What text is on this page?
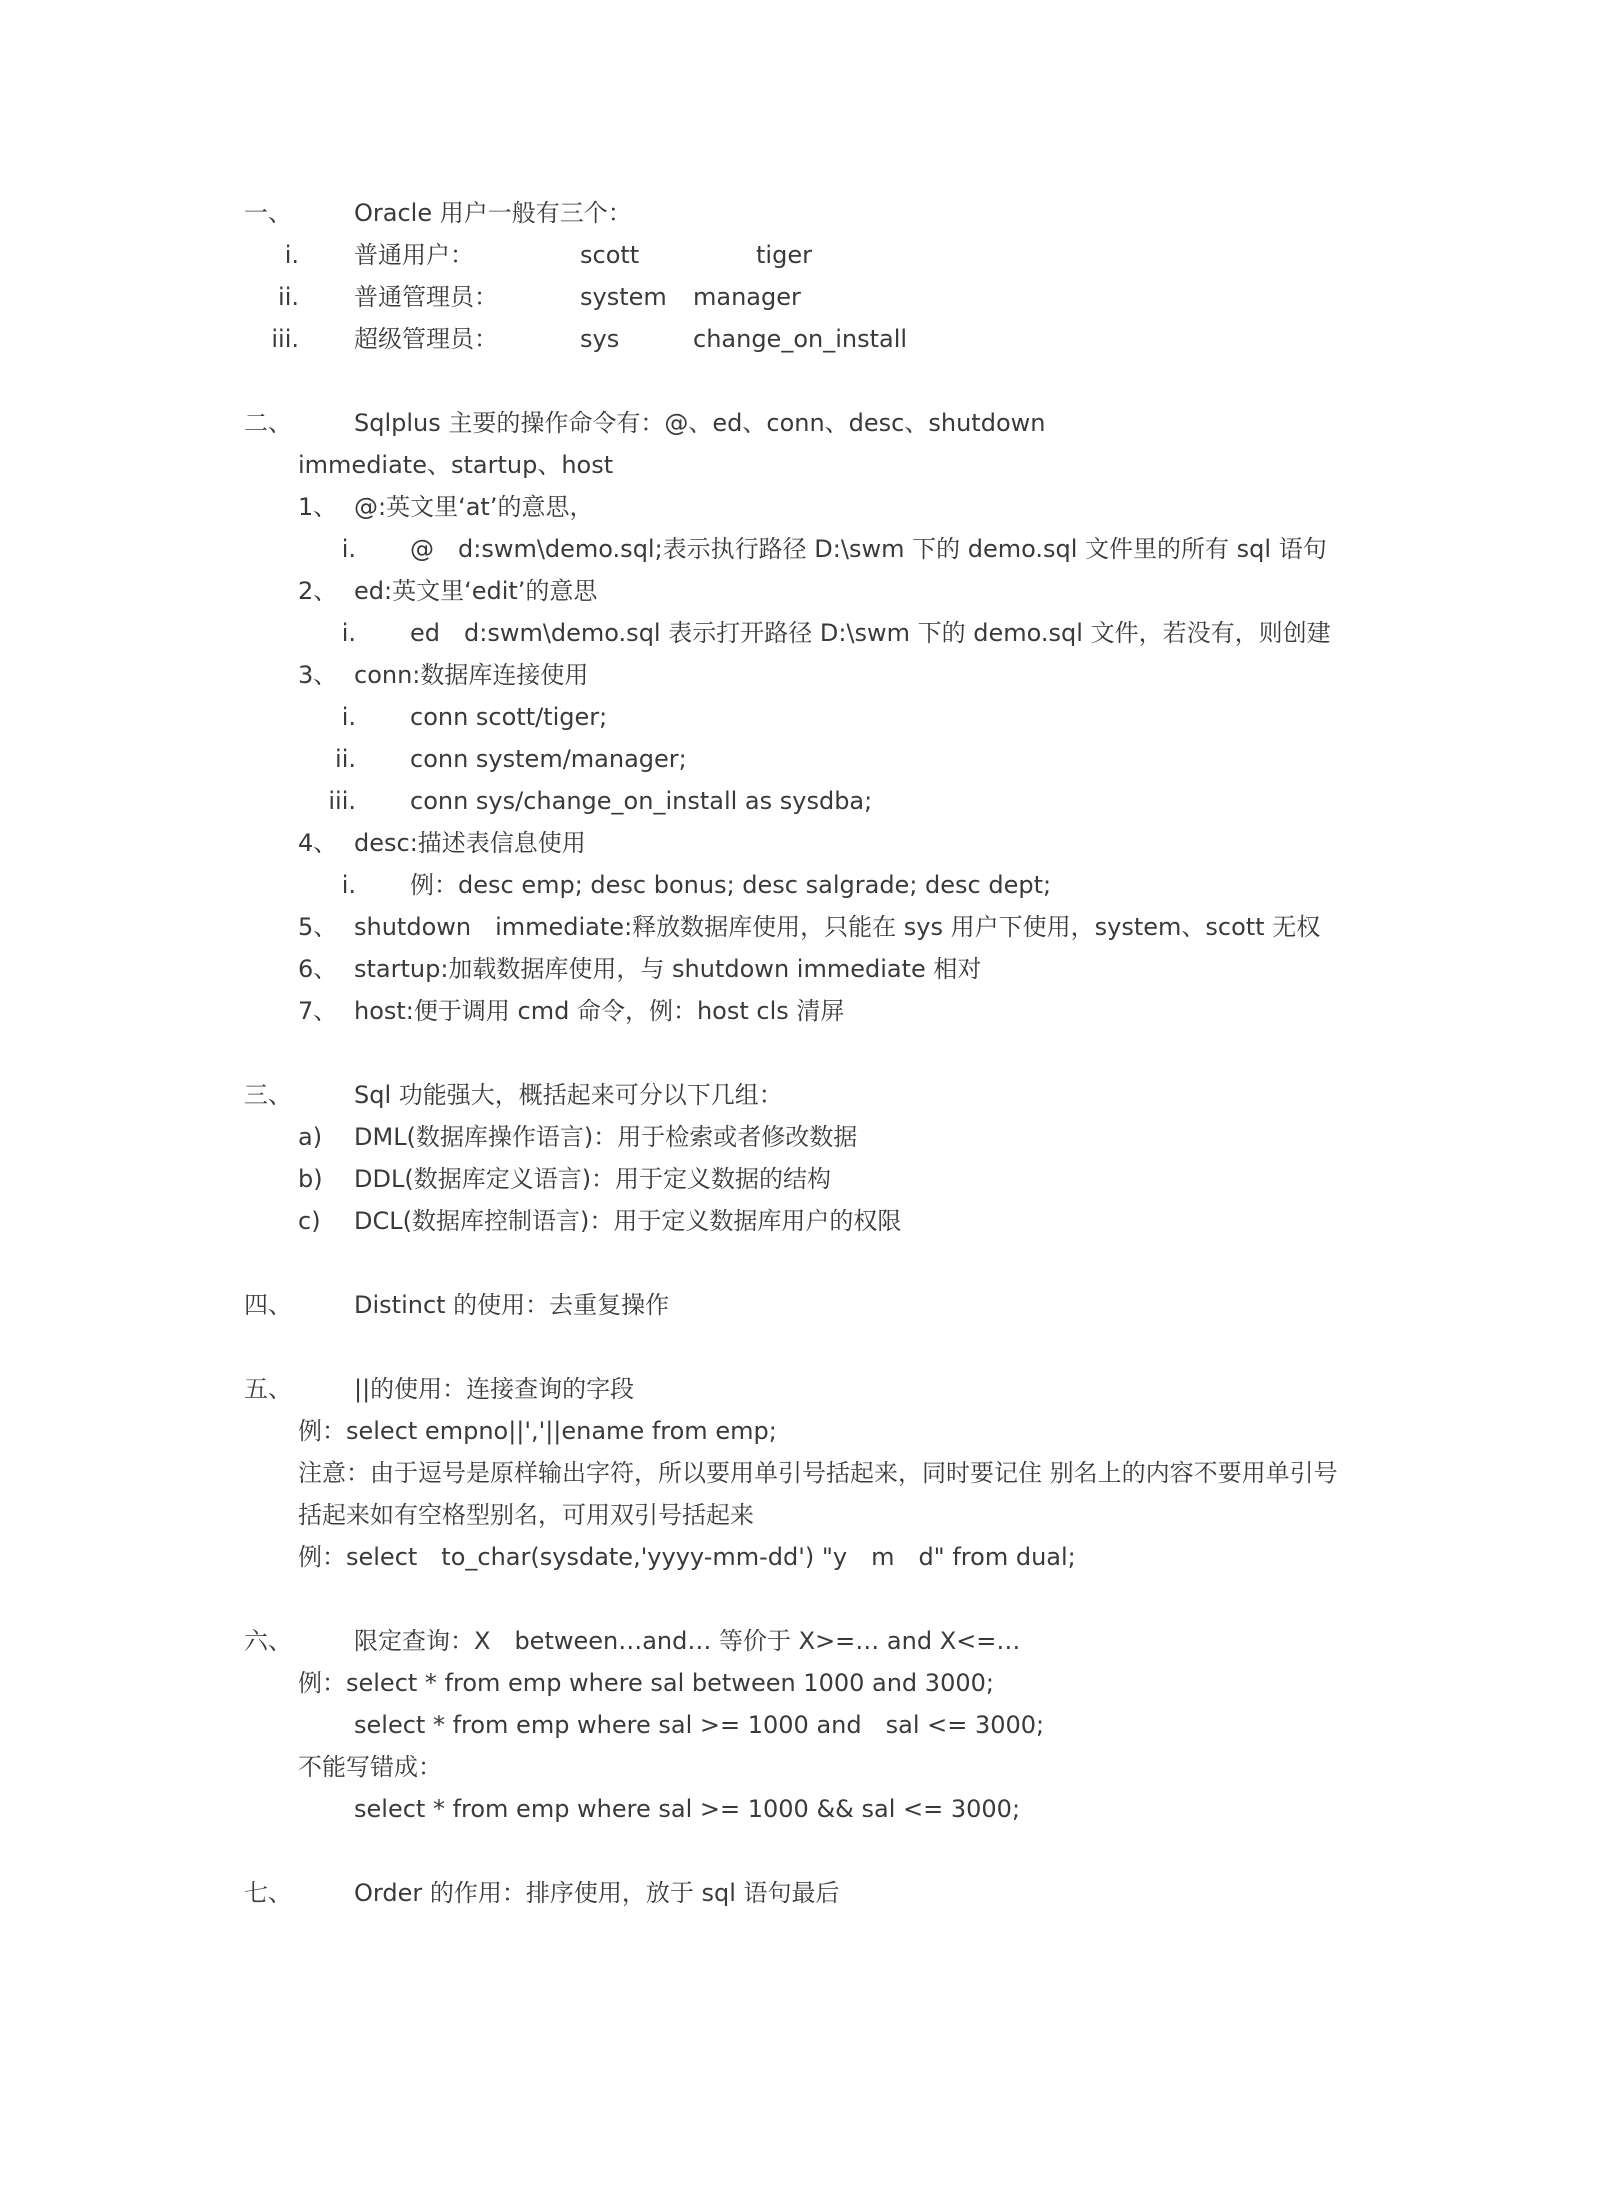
一、	Oracle 用户一般有三个：
i. 普通用户：	scott	tiger
ii. 普通管理员：	system manager
iii. 超级管理员：	sys	change_on_install
二、	Sqlplus 主要的操作命令有：@、ed、conn、desc、shutdown
immediate、startup、host
1、 @:英文里‘at’的意思，
i. @　d:swm\demo.sql;表示执行路径 D:\swm 下的 demo.sql 文件里的所有 sql 语句
2、 ed:英文里‘edit’的意思
i. ed　d:swm\demo.sql 表示打开路径 D:\swm 下的 demo.sql 文件，若没有，则创建
3、 conn:数据库连接使用
i. conn scott/tiger;
ii. conn system/manager;
iii. conn sys/change_on_install as sysdba;
4、 desc:描述表信息使用
i. 例：desc emp; desc bonus; desc salgrade; desc dept;
5、 shutdown　immediate:释放数据库使用，只能在 sys 用户下使用，system、scott 无权
6、 startup:加载数据库使用，与 shutdown immediate 相对
7、 host:便于调用 cmd 命令，例：host cls 清屏
三、	Sql 功能强大，概括起来可分以下几组：
a) DML(数据库操作语言)：用于检索或者修改数据
b) DDL(数据库定义语言)：用于定义数据的结构
c) DCL(数据库控制语言)：用于定义数据库用户的权限
四、	Distinct 的使用：去重复操作
五、	||的使用：连接查询的字段
例：select empno||','||ename from emp;
注意：由于逗号是原样输出字符，所以要用单引号括起来，同时要记住 别名上的内容不要用单引号括起来如有空格型别名，可用双引号括起来
例：select　to_char(sysdate,'yyyy-mm-dd') "y　m　d" from dual;
六、	限定查询：X　between…and… 等价于 X>=… and X<=…
例：select * from emp where sal between 1000 and 3000;
select * from emp where sal >= 1000 and　sal <= 3000;
不能写错成：
select * from emp where sal >= 1000 && sal <= 3000;
七、	Order 的作用：排序使用，放于 sql 语句最后
